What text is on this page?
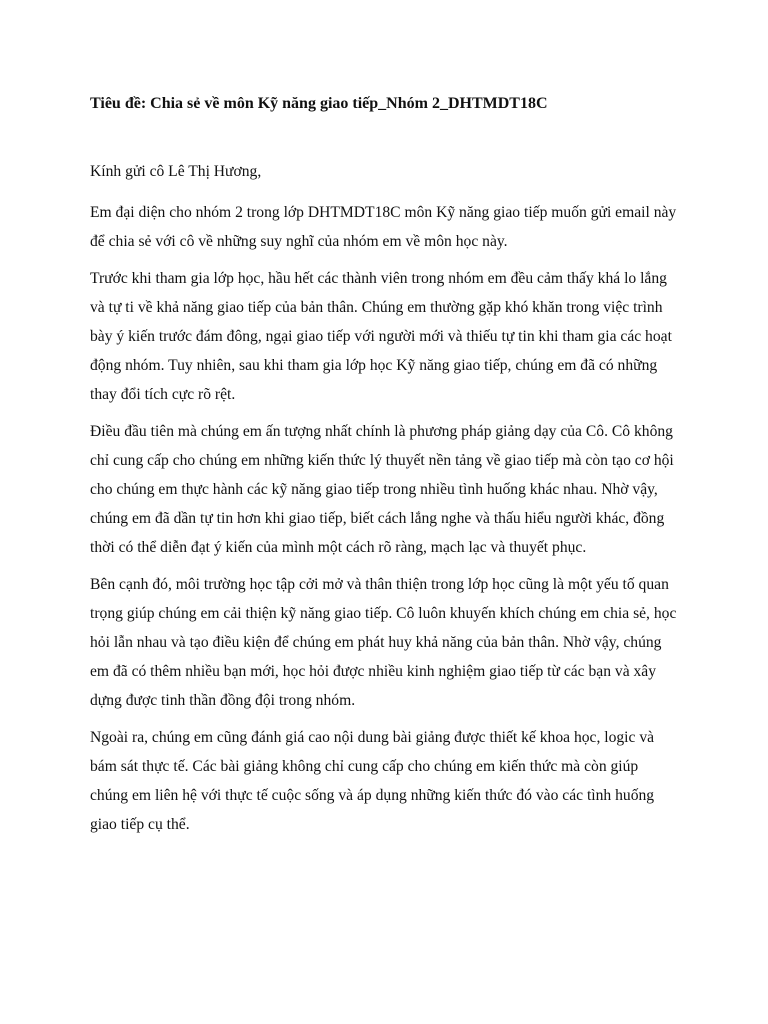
Tiêu đề: Chia sẻ về môn Kỹ năng giao tiếp_Nhóm 2_DHTMDT18C
Kính gửi cô Lê Thị Hương,

Em đại diện cho nhóm 2 trong lớp DHTMDT18C môn Kỹ năng giao tiếp muốn gửi email này để chia sẻ với cô về những suy nghĩ của nhóm em về môn học này.

Trước khi tham gia lớp học, hầu hết các thành viên trong nhóm em đều cảm thấy khá lo lắng và tự ti về khả năng giao tiếp của bản thân. Chúng em thường gặp khó khăn trong việc trình bày ý kiến trước đám đông, ngại giao tiếp với người mới và thiếu tự tin khi tham gia các hoạt động nhóm. Tuy nhiên, sau khi tham gia lớp học Kỹ năng giao tiếp, chúng em đã có những thay đổi tích cực rõ rệt.

Điều đầu tiên mà chúng em ấn tượng nhất chính là phương pháp giảng dạy của Cô. Cô không chỉ cung cấp cho chúng em những kiến thức lý thuyết nền tảng về giao tiếp mà còn tạo cơ hội cho chúng em thực hành các kỹ năng giao tiếp trong nhiều tình huống khác nhau. Nhờ vậy, chúng em đã dần tự tin hơn khi giao tiếp, biết cách lắng nghe và thấu hiểu người khác, đồng thời có thể diễn đạt ý kiến của mình một cách rõ ràng, mạch lạc và thuyết phục.

Bên cạnh đó, môi trường học tập cởi mở và thân thiện trong lớp học cũng là một yếu tố quan trọng giúp chúng em cải thiện kỹ năng giao tiếp. Cô luôn khuyến khích chúng em chia sẻ, học hỏi lẫn nhau và tạo điều kiện để chúng em phát huy khả năng của bản thân. Nhờ vậy, chúng em đã có thêm nhiều bạn mới, học hỏi được nhiều kinh nghiệm giao tiếp từ các bạn và xây dựng được tinh thần đồng đội trong nhóm.

Ngoài ra, chúng em cũng đánh giá cao nội dung bài giảng được thiết kế khoa học, logic và bám sát thực tế. Các bài giảng không chỉ cung cấp cho chúng em kiến thức mà còn giúp chúng em liên hệ với thực tế cuộc sống và áp dụng những kiến thức đó vào các tình huống giao tiếp cụ thể.
